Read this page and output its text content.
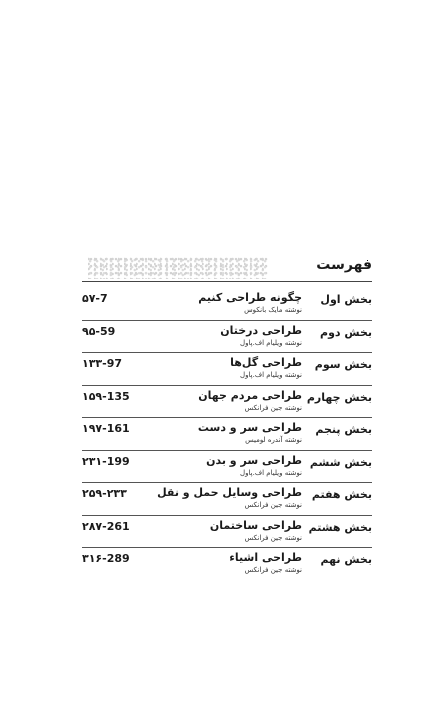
فهرست
بخش اول
چگونه طراحی کنیم
نوشته مایک بانکوس
۵۷-7
بخش دوم
طراحی درختان
نوشته ویلیام اف.پاول
۹۵-59
بخش سوم
طراحی گل‌ها
نوشته ویلیام اف.پاول
۱۳۳-97
بخش چهارم
طراحی مردم جهان
نوشته جین فرانکس
۱۵۹-135
بخش پنجم
طراحی سر و دست
نوشته آندره لومیس
۱۹۷-161
بخش ششم
طراحی سر و بدن
نوشته ویلیام اف.پاول
۲۳۱-199
بخش هفتم
طراحی وسایل حمل و نقل
نوشته جین فرانکس
۲۵۹-۲۳۳
بخش هشتم
طراحی ساختمان
نوشته جین فرانکس
۲۸۷-261
بخش نهم
طراحی اشیاء
نوشته جین فرانکس
۳۱۶-289
